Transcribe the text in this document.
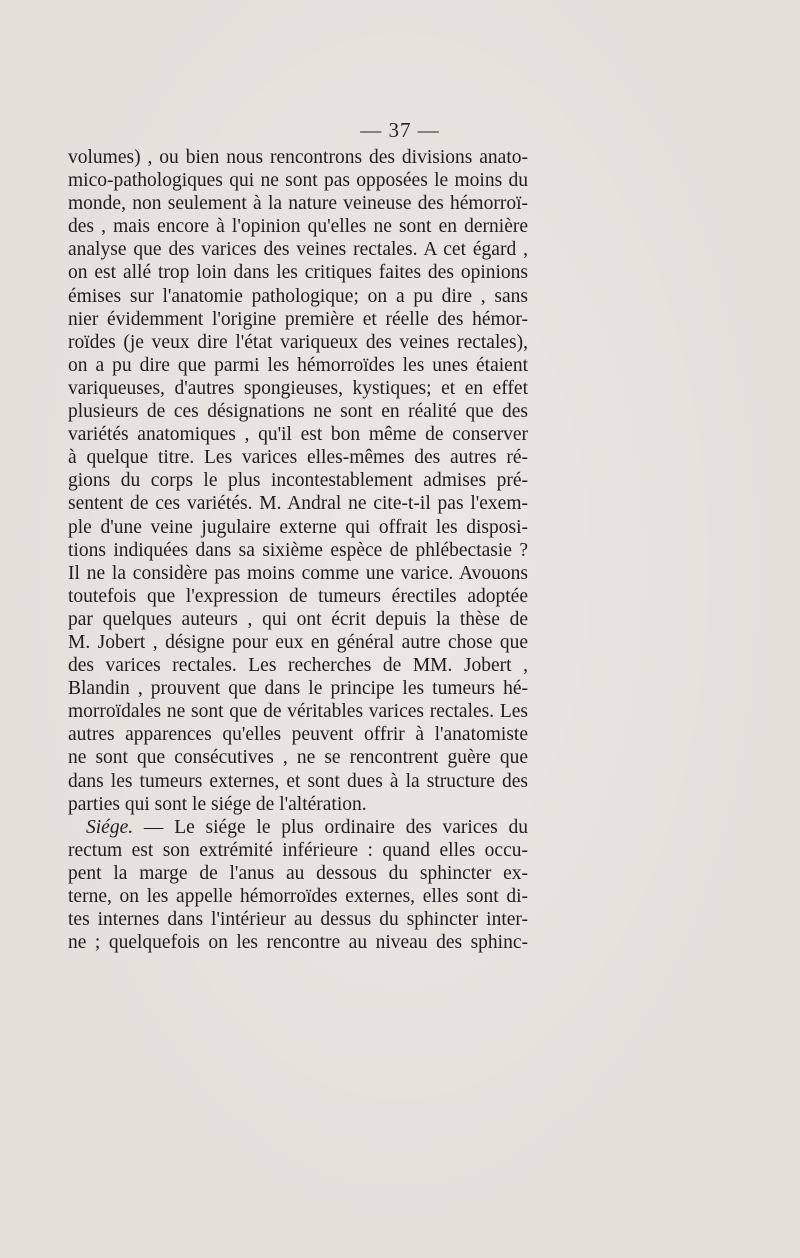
— 37 —
volumes) , ou bien nous rencontrons des divisions anato-
mico-pathologiques qui ne sont pas opposées le moins du
monde, non seulement à la nature veineuse des hémorroï-
des , mais encore à l'opinion qu'elles ne sont en dernière
analyse que des varices des veines rectales. A cet égard ,
on est allé trop loin dans les critiques faites des opinions
émises sur l'anatomie pathologique; on a pu dire , sans
nier évidemment l'origine première et réelle des hémor-
roïdes (je veux dire l'état variqueux des veines rectales),
on a pu dire que parmi les hémorroïdes les unes étaient
variqueuses, d'autres spongieuses, kystiques; et en effet
plusieurs de ces désignations ne sont en réalité que des
variétés anatomiques , qu'il est bon même de conserver
à quelque titre. Les varices elles-mêmes des autres ré-
gions du corps le plus incontestablement admises pré-
sentent de ces variétés. M. Andral ne cite-t-il pas l'exem-
ple d'une veine jugulaire externe qui offrait les disposi-
tions indiquées dans sa sixième espèce de phlébectasie ?
Il ne la considère pas moins comme une varice. Avouons
toutefois que l'expression de tumeurs érectiles adoptée
par quelques auteurs , qui ont écrit depuis la thèse de
M. Jobert , désigne pour eux en général autre chose que
des varices rectales. Les recherches de MM. Jobert ,
Blandin , prouvent que dans le principe les tumeurs hé-
morroïdales ne sont que de véritables varices rectales. Les
autres apparences qu'elles peuvent offrir à l'anatomiste
ne sont que consécutives , ne se rencontrent guère que
dans les tumeurs externes, et sont dues à la structure des
parties qui sont le siége de l'altération.
Siége. — Le siége le plus ordinaire des varices du
rectum est son extrémité inférieure : quand elles occu-
pent la marge de l'anus au dessous du sphincter ex-
terne, on les appelle hémorroïdes externes, elles sont di-
tes internes dans l'intérieur au dessus du sphincter inter-
ne ; quelquefois on les rencontre au niveau des sphinc-
